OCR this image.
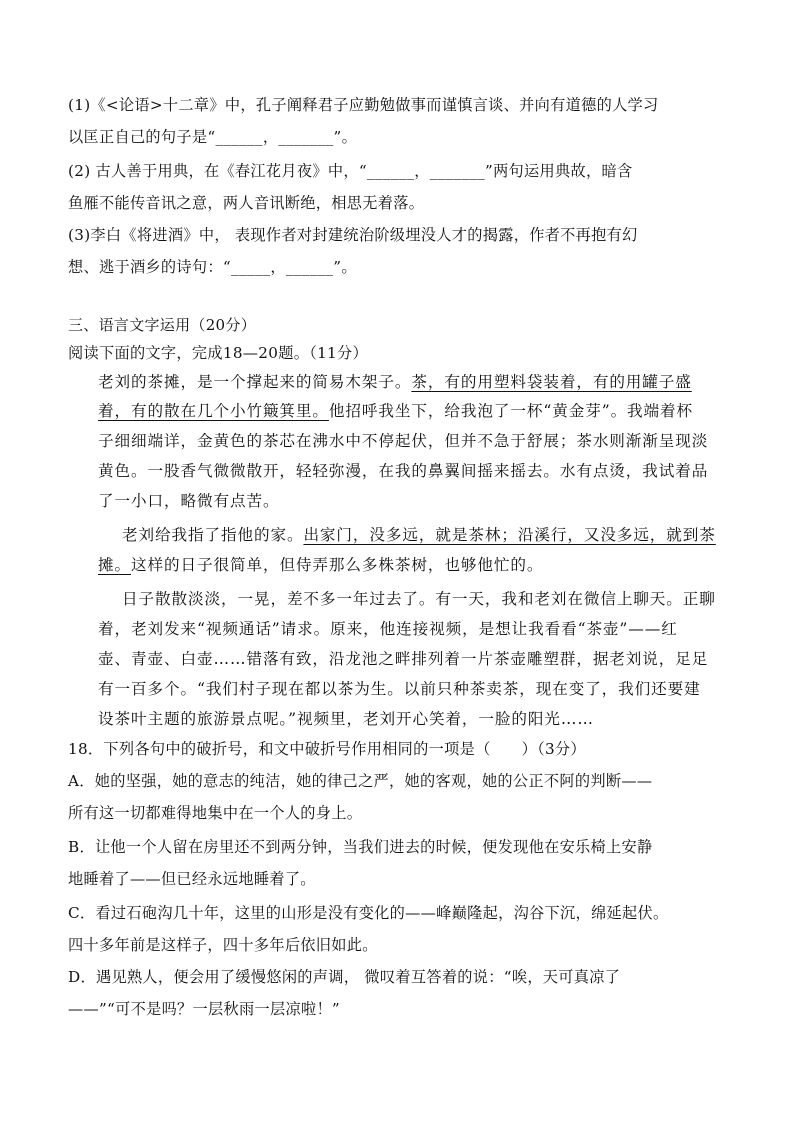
(1)《<论语>十二章》中，孔子阐释君子应勤勉做事而谨慎言谈、并向有道德的人学习
以匡正自己的句子是“______，_______”。
(2) 古人善于用典，在《春江花月夜》中，“______，_______”两句运用典故，暗含
鱼雁不能传音讯之意，两人音讯断绝，相思无着落。
(3)李白《将进酒》中， 表现作者对封建统治阶级埋没人才的揭露，作者不再抱有幻
想、逃于酒乡的诗句：“_____，______”。
三、语言文字运用（20分）
阅读下面的文字，完成18—20题。（11分）
老刘的茶摊，是一个撑起来的简易木架子。茶，有的用塑料袋装着，有的用罐子盛
着，有的散在几个小竹簸箕里。他招呼我坐下，给我泡了一杯“黄金芽”。我端着杯
子细细端详，金黄色的茶芯在沸水中不停起伏，但并不急于舒展；茶水则渐渐呈现淡
黄色。一股香气微微散开，轻轻弥漫，在我的鼻翼间摇来摇去。水有点烫，我试着品
了一小口，略微有点苦。
老刘给我指了指他的家。出家门，没多远，就是茶林；沿溪行，又没多远，就到茶
摊。这样的日子很简单，但侍弄那么多株茶树，也够他忙的。
日子散散淡淡，一晃，差不多一年过去了。有一天，我和老刘在微信上聊天。正聊
着，老刘发来“视频通话”请求。原来，他连接视频，是想让我看看“茶壶”——红
壶、青壶、白壶……错落有致，沿龙池之畔排列着一片茶壶雕塑群，据老刘说，足足
有一百多个。“我们村子现在都以茶为生。以前只种茶卖茶，现在变了，我们还要建
设茶叶主题的旅游景点呢。”视频里，老刘开心笑着，一脸的阳光……
18．下列各句中的破折号，和文中破折号作用相同的一项是（　　）（3分）
A．她的坚强，她的意志的纯洁，她的律己之严，她的客观，她的公正不阿的判断——
所有这一切都难得地集中在一个人的身上。
B．让他一个人留在房里还不到两分钟，当我们进去的时候，便发现他在安乐椅上安静
地睡着了——但已经永远地睡着了。
C．看过石砲沟几十年，这里的山形是没有变化的——峰巅隆起，沟谷下沉，绵延起伏。
四十多年前是这样子，四十多年后依旧如此。
D．遇见熟人，便会用了缓慢悠闲的声调， 微叹着互答着的说：“唉，天可真凉了
——”“可不是吗？一层秋雨一层凉啦！”
